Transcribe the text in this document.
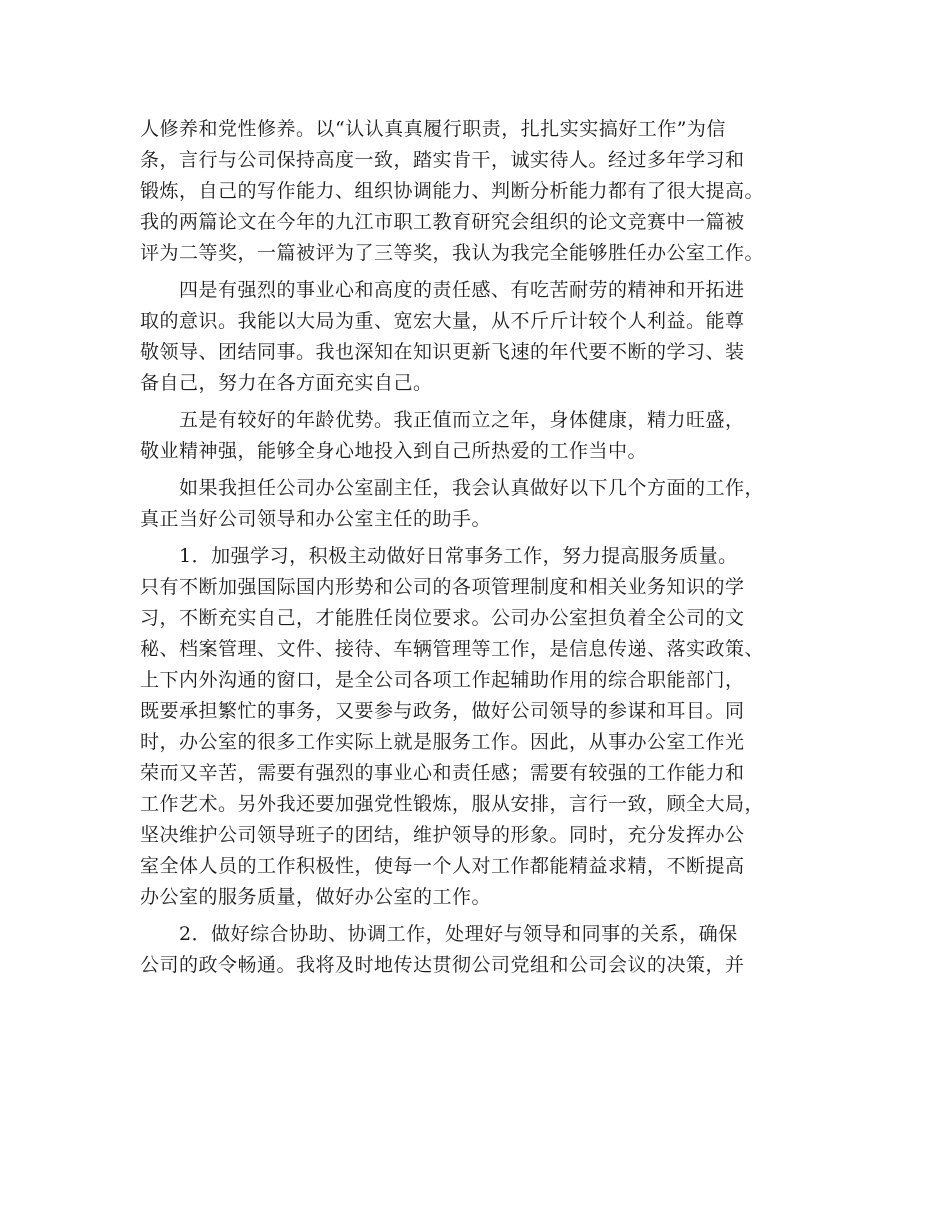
人修养和党性修养。以“认认真真履行职责，扎扎实实搞好工作”为信
条，言行与公司保持高度一致，踏实肯干，诚实待人。经过多年学习和
锻炼，自己的写作能力、组织协调能力、判断分析能力都有了很大提高。
我的两篇论文在今年的九江市职工教育研究会组织的论文竞赛中一篇被
评为二等奖，一篇被评为了三等奖，我认为我完全能够胜任办公室工作。
　　四是有强烈的事业心和高度的责任感、有吃苦耐劳的精神和开拓进
取的意识。我能以大局为重、宽宏大量，从不斤斤计较个人利益。能尊
敬领导、团结同事。我也深知在知识更新飞速的年代要不断的学习、装
备自己，努力在各方面充实自己。
　　五是有较好的年龄优势。我正值而立之年，身体健康，精力旺盛，
敬业精神强，能够全身心地投入到自己所热爱的工作当中。
　　如果我担任公司办公室副主任，我会认真做好以下几个方面的工作，
真正当好公司领导和办公室主任的助手。
　　1．加强学习，积极主动做好日常事务工作，努力提高服务质量。
只有不断加强国际国内形势和公司的各项管理制度和相关业务知识的学
习，不断充实自己，才能胜任岗位要求。公司办公室担负着全公司的文
秘、档案管理、文件、接待、车辆管理等工作，是信息传递、落实政策、
上下内外沟通的窗口，是全公司各项工作起辅助作用的综合职能部门，
既要承担繁忙的事务，又要参与政务，做好公司领导的参谋和耳目。同
时，办公室的很多工作实际上就是服务工作。因此，从事办公室工作光
荣而又辛苦，需要有强烈的事业心和责任感；需要有较强的工作能力和
工作艺术。另外我还要加强党性锻炼，服从安排，言行一致，顾全大局，
坚决维护公司领导班子的团结，维护领导的形象。同时，充分发挥办公
室全体人员的工作积极性，使每一个人对工作都能精益求精，不断提高
办公室的服务质量，做好办公室的工作。
　　2．做好综合协助、协调工作，处理好与领导和同事的关系，确保
公司的政令畅通。我将及时地传达贯彻公司党组和公司会议的决策，并
